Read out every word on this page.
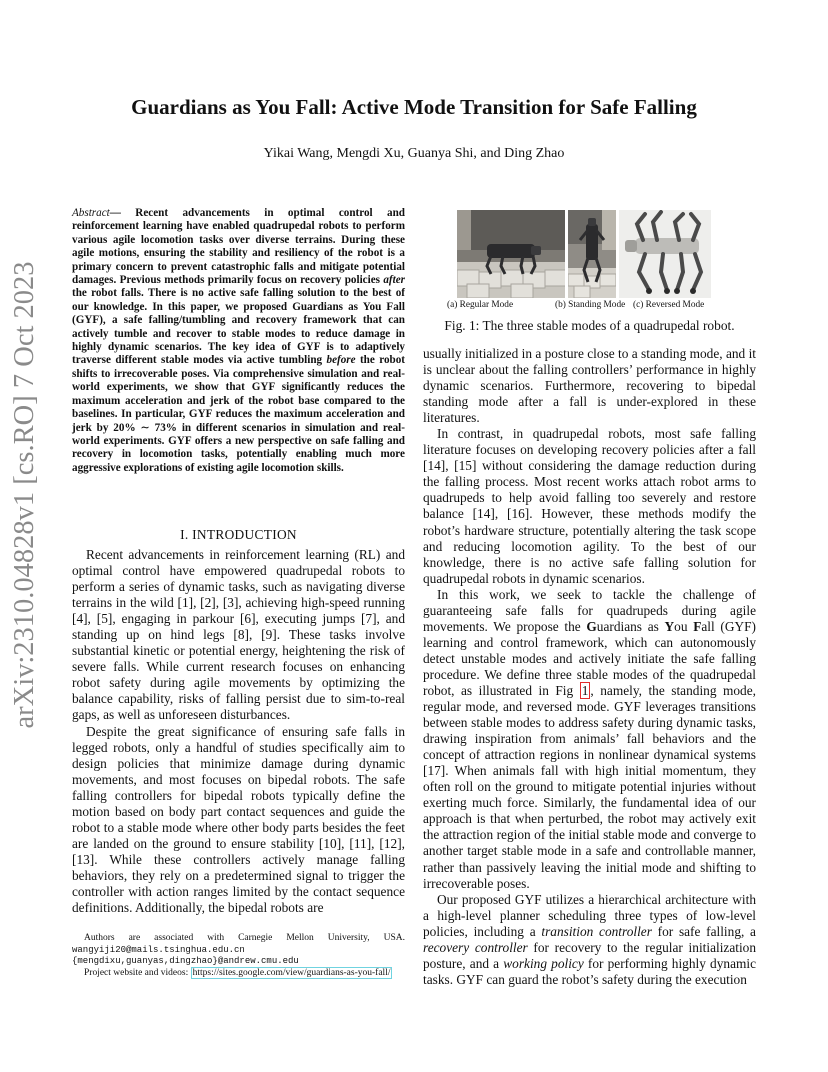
arXiv:2310.04828v1 [cs.RO] 7 Oct 2023
Guardians as You Fall: Active Mode Transition for Safe Falling
Yikai Wang, Mengdi Xu, Guanya Shi, and Ding Zhao
Abstract— Recent advancements in optimal control and reinforcement learning have enabled quadrupedal robots to perform various agile locomotion tasks over diverse terrains. During these agile motions, ensuring the stability and resiliency of the robot is a primary concern to prevent catastrophic falls and mitigate potential damages. Previous methods primarily focus on recovery policies after the robot falls. There is no active safe falling solution to the best of our knowledge. In this paper, we proposed Guardians as You Fall (GYF), a safe falling/tumbling and recovery framework that can actively tumble and recover to stable modes to reduce damage in highly dynamic scenarios. The key idea of GYF is to adaptively traverse different stable modes via active tumbling before the robot shifts to irrecoverable poses. Via comprehensive simulation and real-world experiments, we show that GYF significantly reduces the maximum acceleration and jerk of the robot base compared to the baselines. In particular, GYF reduces the maximum acceleration and jerk by 20% ∼ 73% in different scenarios in simulation and real-world experiments. GYF offers a new perspective on safe falling and recovery in locomotion tasks, potentially enabling much more aggressive explorations of existing agile locomotion skills.
I. INTRODUCTION

Recent advancements in reinforcement learning (RL) and optimal control have empowered quadrupedal robots to perform a series of dynamic tasks, such as navigating diverse terrains in the wild [1], [2], [3], achieving high-speed running [4], [5], engaging in parkour [6], executing jumps [7], and standing up on hind legs [8], [9]. These tasks involve substantial kinetic or potential energy, heightening the risk of severe falls. While current research focuses on enhancing robot safety during agile movements by optimizing the balance capability, risks of falling persist due to sim-to-real gaps, as well as unforeseen disturbances.

Despite the great significance of ensuring safe falls in legged robots, only a handful of studies specifically aim to design policies that minimize damage during dynamic movements, and most focuses on bipedal robots. The safe falling controllers for bipedal robots typically define the motion based on body part contact sequences and guide the robot to a stable mode where other body parts besides the feet are landed on the ground to ensure stability [10], [11], [12], [13]. While these controllers actively manage falling behaviors, they rely on a predetermined signal to trigger the controller with action ranges limited by the contact sequence definitions. Additionally, the bipedal robots are

Authors are associated with Carnegie Mellon University, USA. wangyiji20@mails.tsinghua.edu.cn {mengdixu,guanyas,dingzhao}@andrew.cmu.edu

Project website and videos: https://sites.google.com/view/guardians-as-you-fall/

(a) Regular Mode	(b) Standing Mode (c) Reversed Mode
Fig. 1: The three stable modes of a quadrupedal robot.

usually initialized in a posture close to a standing mode, and it is unclear about the falling controllers’ performance in highly dynamic scenarios. Furthermore, recovering to bipedal standing mode after a fall is under-explored in these literatures.

In contrast, in quadrupedal robots, most safe falling literature focuses on developing recovery policies after a fall [14], [15] without considering the damage reduction during the falling process. Most recent works attach robot arms to quadrupeds to help avoid falling too severely and restore balance [14], [16]. However, these methods modify the robot’s hardware structure, potentially altering the task scope and reducing locomotion agility. To the best of our knowledge, there is no active safe falling solution for quadrupedal robots in dynamic scenarios.

In this work, we seek to tackle the challenge of guaranteeing safe falls for quadrupeds during agile movements. We propose the Guardians as You Fall (GYF) learning and control framework, which can autonomously detect unstable modes and actively initiate the safe falling procedure. We define three stable modes of the quadrupedal robot, as illustrated in Fig 1 , namely, the standing mode, regular mode, and reversed mode. GYF leverages transitions between stable modes to address safety during dynamic tasks, drawing inspiration from animals’ fall behaviors and the concept of attraction regions in nonlinear dynamical systems [17]. When animals fall with high initial momentum, they often roll on the ground to mitigate potential injuries without exerting much force. Similarly, the fundamental idea of our approach is that when perturbed, the robot may actively exit the attraction region of the initial stable mode and converge to another target stable mode in a safe and controllable manner, rather than passively leaving the initial mode and shifting to irrecoverable poses.

Our proposed GYF utilizes a hierarchical architecture with a high-level planner scheduling three types of low-level policies, including a transition controller for safe falling, a recovery controller for recovery to the regular initialization posture, and a working policy for performing highly dynamic tasks. GYF can guard the robot’s safety during the execution
